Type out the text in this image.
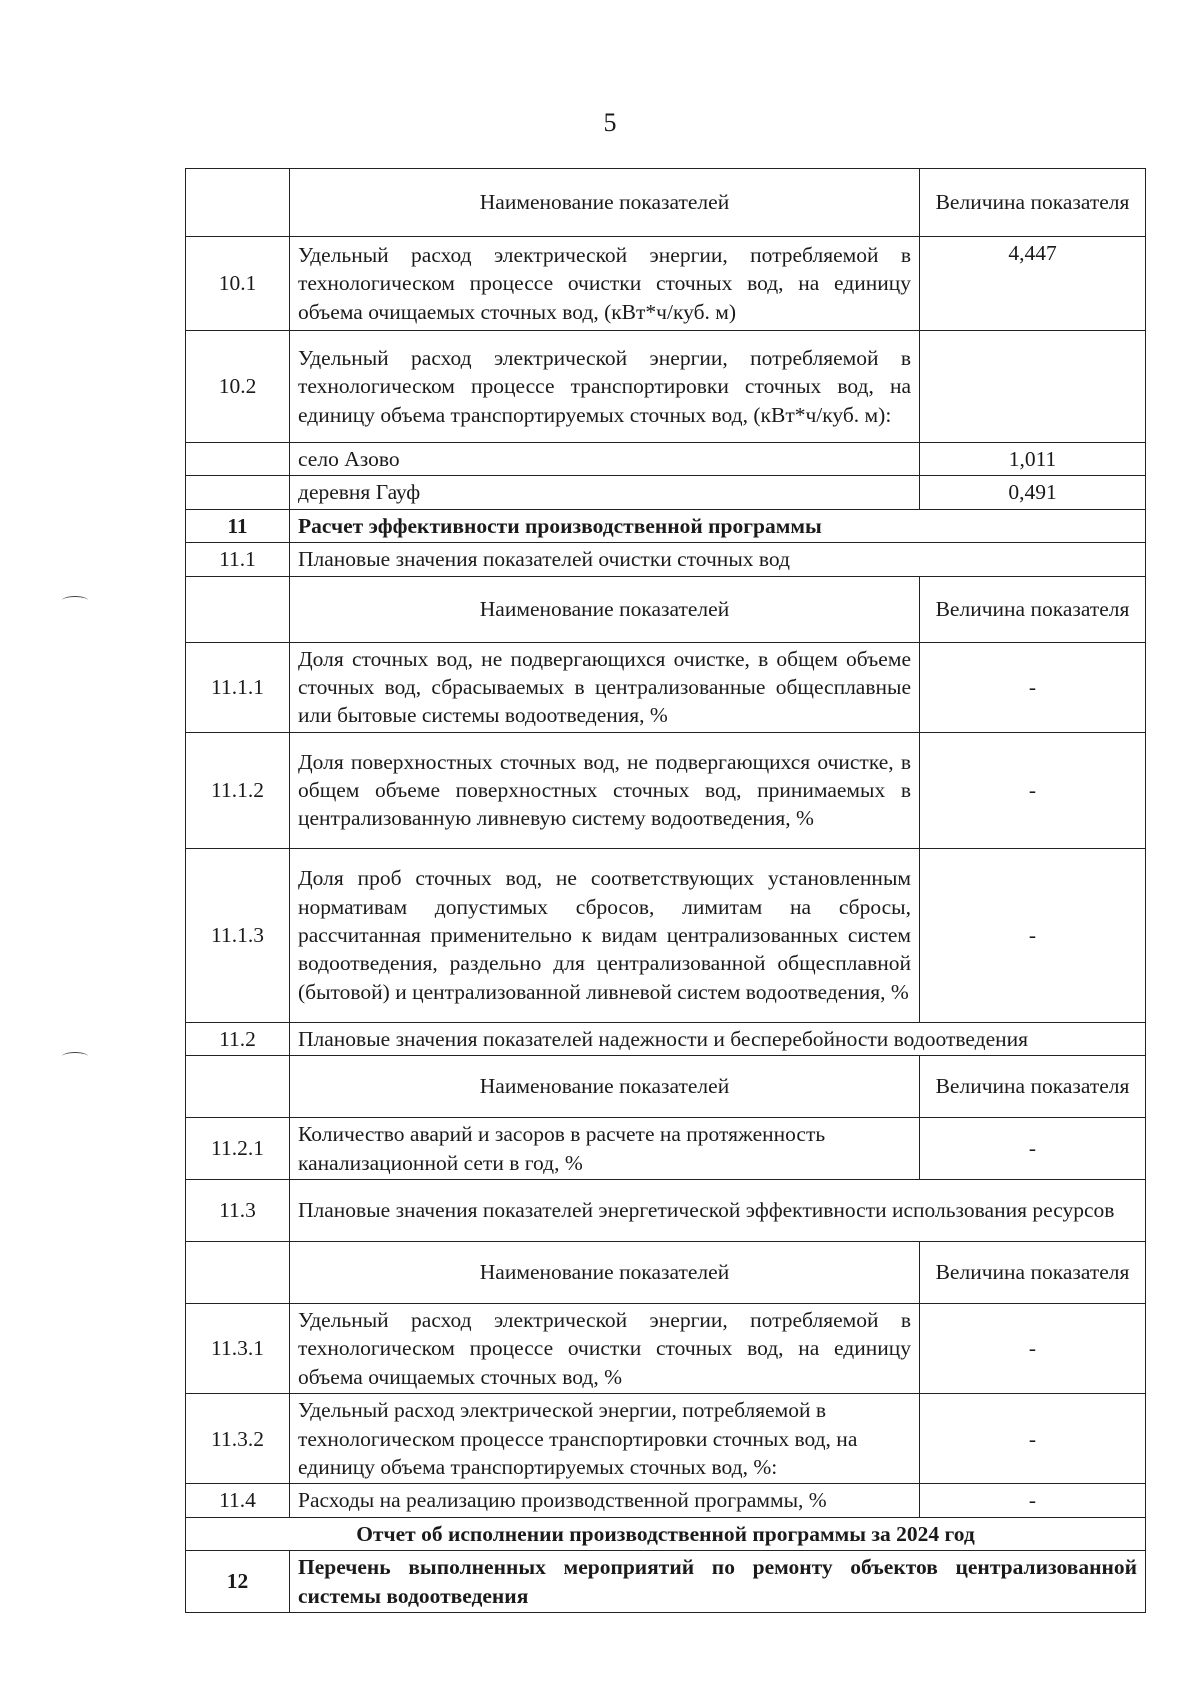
5
	Наименование показателей	Величина показателя
10.1	Удельный расход электрической энергии, потребляемой в технологическом процессе очистки сточных вод, на единицу объема очищаемых сточных вод, (кВт*ч/куб. м)	4,447
10.2	Удельный расход электрической энергии, потребляемой в технологическом процессе транспортировки сточных вод, на единицу объема транспортируемых сточных вод, (кВт*ч/куб. м):	
	село Азово	1,011
	деревня Гауф	0,491
11	Расчет эффективности производственной программы	
11.1	Плановые значения показателей очистки сточных вод	
	Наименование показателей	Величина показателя
11.1.1	Доля сточных вод, не подвергающихся очистке, в общем объеме сточных вод, сбрасываемых в централизованные общесплавные или бытовые системы водоотведения, %	-
11.1.2	Доля поверхностных сточных вод, не подвергающихся очистке, в общем объеме поверхностных сточных вод, принимаемых в централизованную ливневую систему водоотведения, %	-
11.1.3	Доля проб сточных вод, не соответствующих установленным нормативам допустимых сбросов, лимитам на сбросы, рассчитанная применительно к видам централизованных систем водоотведения, раздельно для централизованной общесплавной (бытовой) и централизованной ливневой систем водоотведения, %	-
11.2	Плановые значения показателей надежности и бесперебойности водоотведения	
	Наименование показателей	Величина показателя
11.2.1	Количество аварий и засоров в расчете на протяженность канализационной сети в год, %	-
11.3	Плановые значения показателей энергетической эффективности использования ресурсов	
	Наименование показателей	Величина показателя
11.3.1	Удельный расход электрической энергии, потребляемой в технологическом процессе очистки сточных вод, на единицу объема очищаемых сточных вод, %	-
11.3.2	Удельный расход электрической энергии, потребляемой в технологическом процессе транспортировки сточных вод, на единицу объема транспортируемых сточных вод, %:	-
11.4	Расходы на реализацию производственной программы, %	-
Отчет об исполнении производственной программы за 2024 год		
12	Перечень выполненных мероприятий по ремонту объектов централизованной системы водоотведения	
